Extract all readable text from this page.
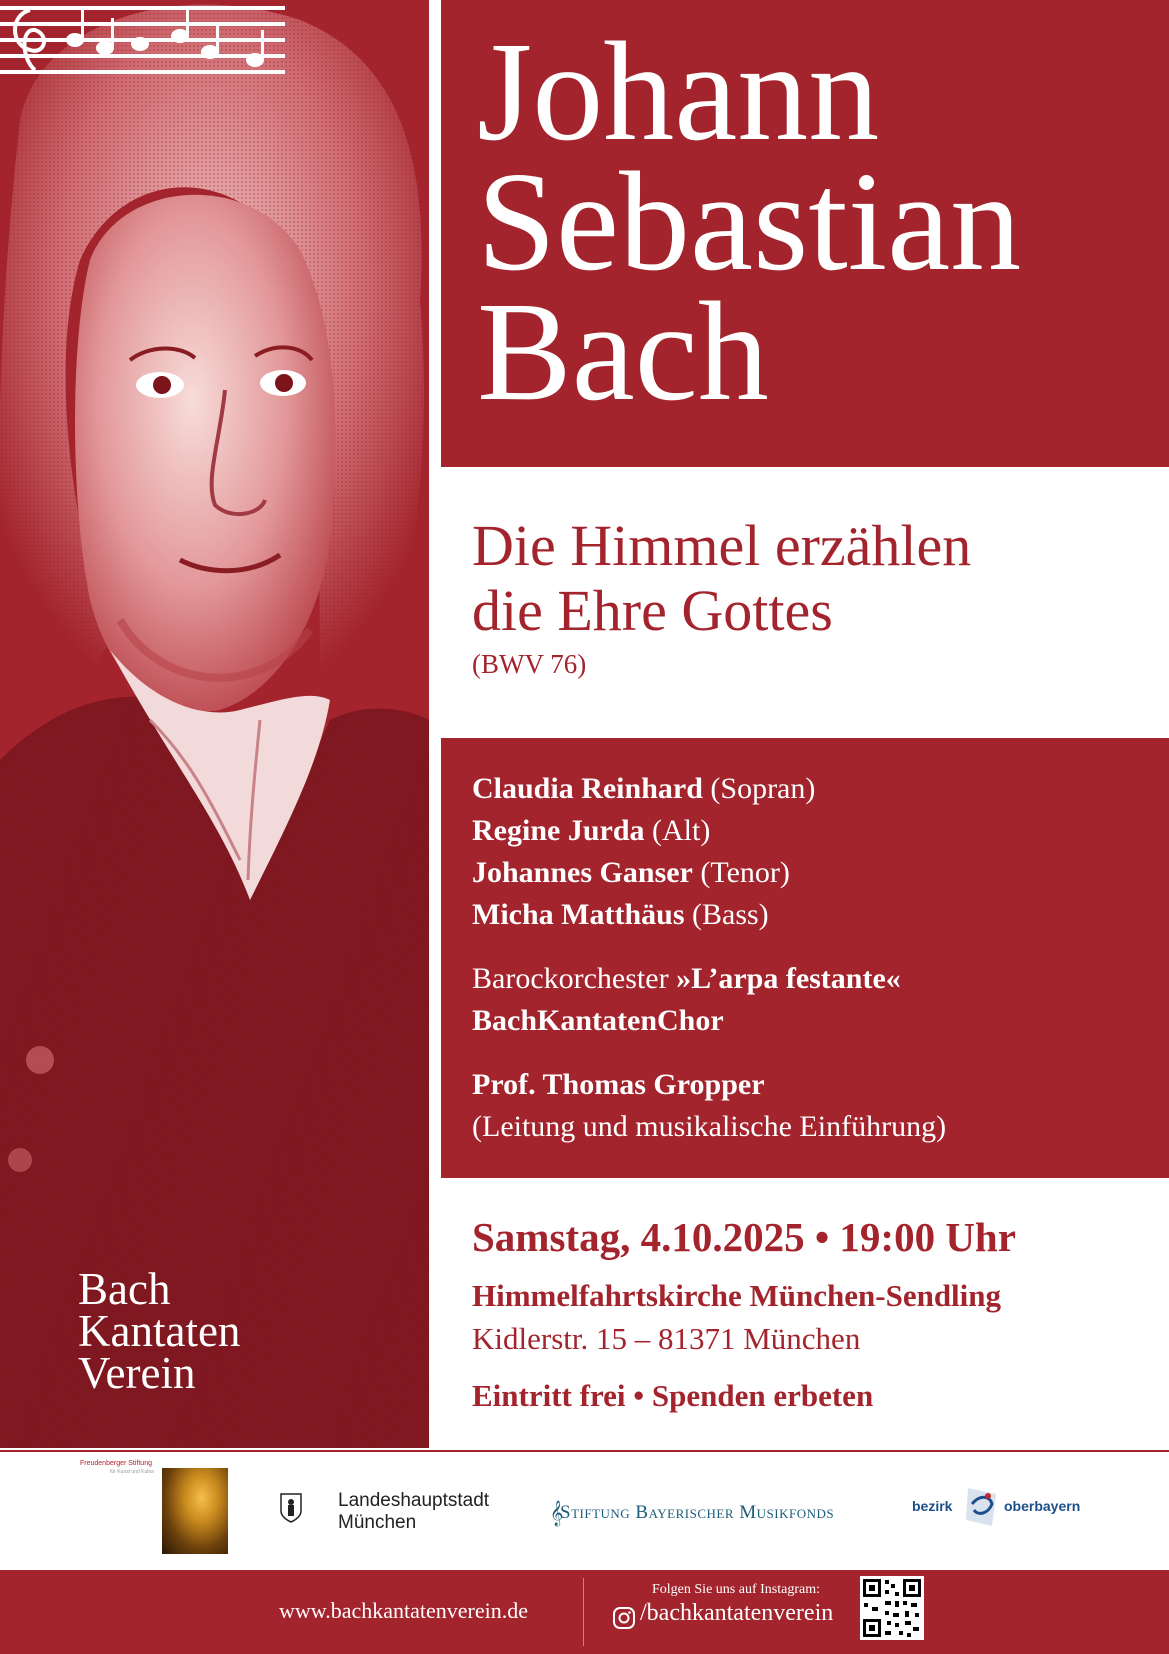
Bach
Kantaten
Verein
Johann
Sebastian
Bach
Die Himmel erzählen
die Ehre Gottes
(BWV 76)
Claudia Reinhard (Sopran)
Regine Jurda (Alt)
Johannes Ganser (Tenor)
Micha Matthäus (Bass)
Barockorchester »L’arpa festante«
BachKantatenChor
Prof. Thomas Gropper
(Leitung und musikalische Einführung)
Samstag, 4.10.2025 • 19:00 Uhr
Himmelfahrtskirche München-Sendling
Kidlerstr. 15 – 81371 München
Eintritt frei • Spenden erbeten
Freudenberger Stiftung
für Kunst und Kultur
Landeshauptstadt
München	𝄞
Stiftung Bayerischer Musikfonds	bezirk	oberbayern
www.bachkantatenverein.de
Folgen Sie uns auf Instagram:
/bachkantatenverein
